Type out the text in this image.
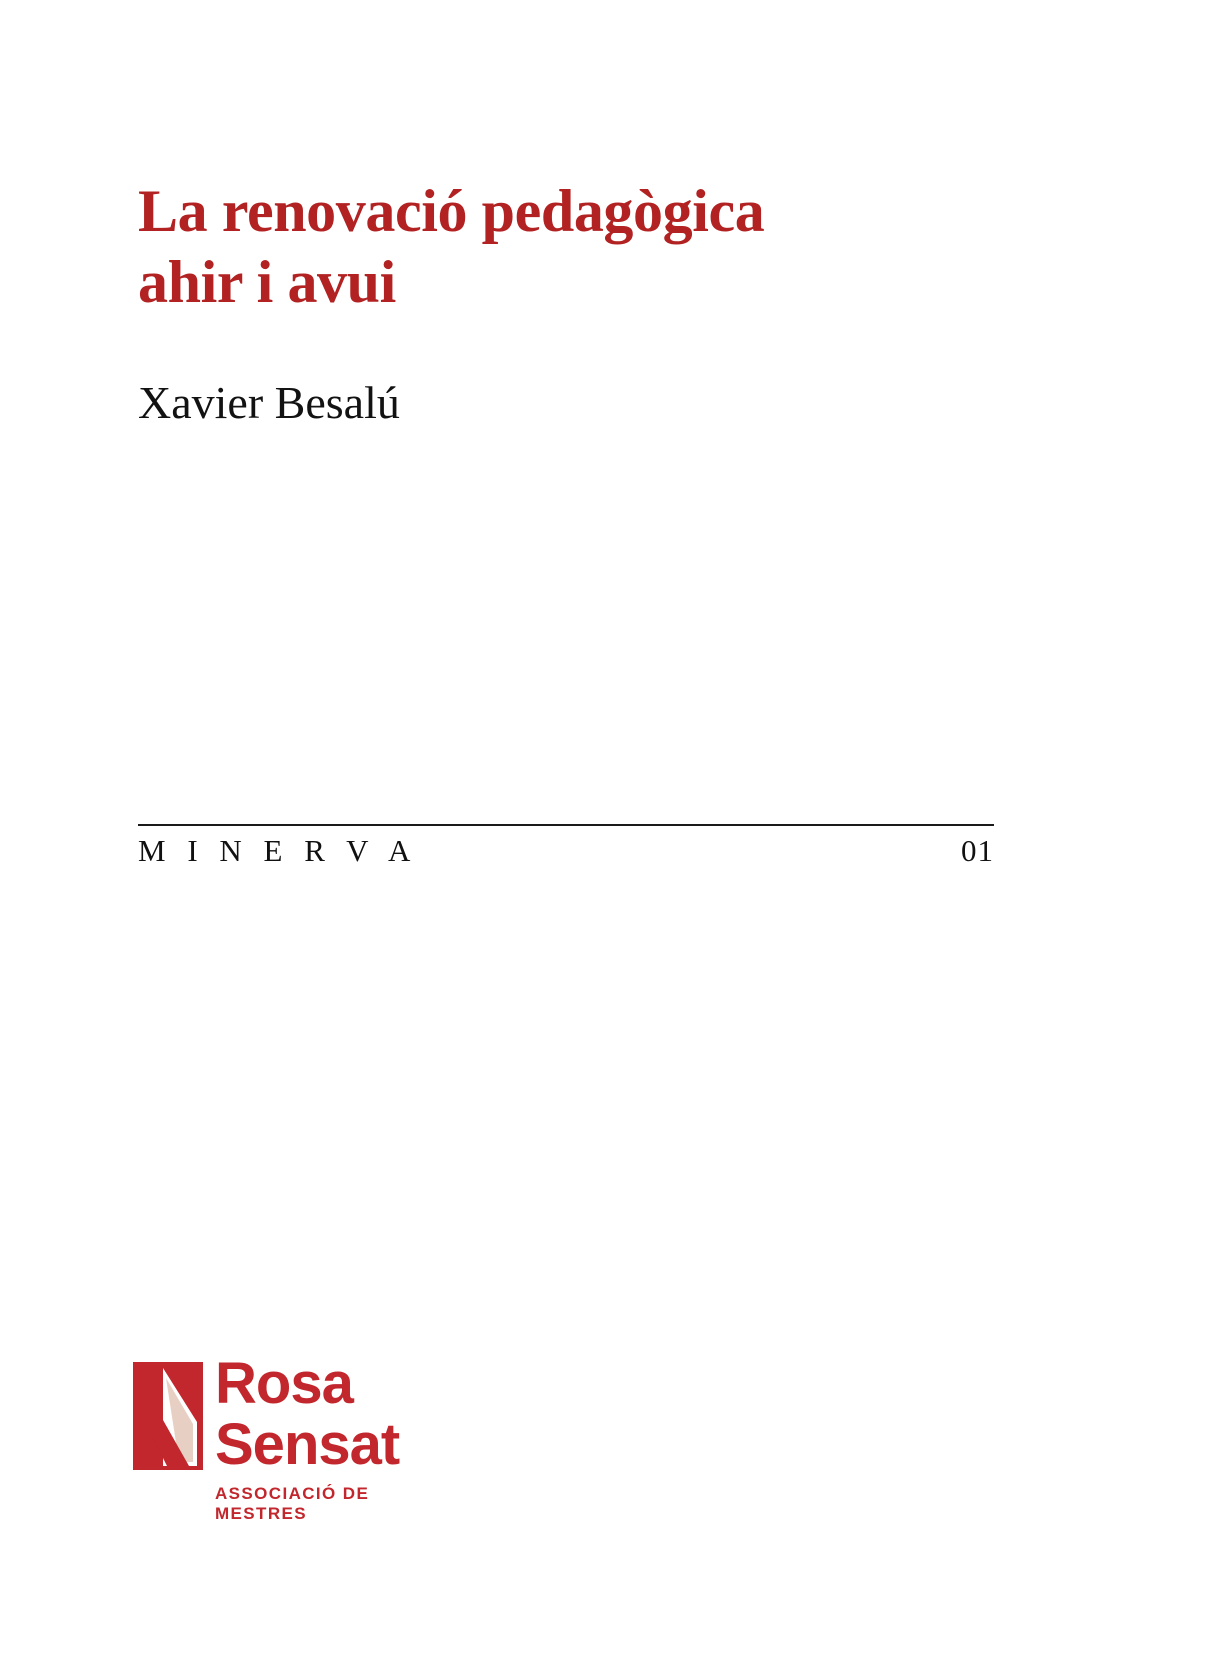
La renovació pedagògica
ahir i avui

Xavier Besalú

M I N E R V A	01
Rosa
Sensat
ASSOCIACIÓ DE MESTRES
